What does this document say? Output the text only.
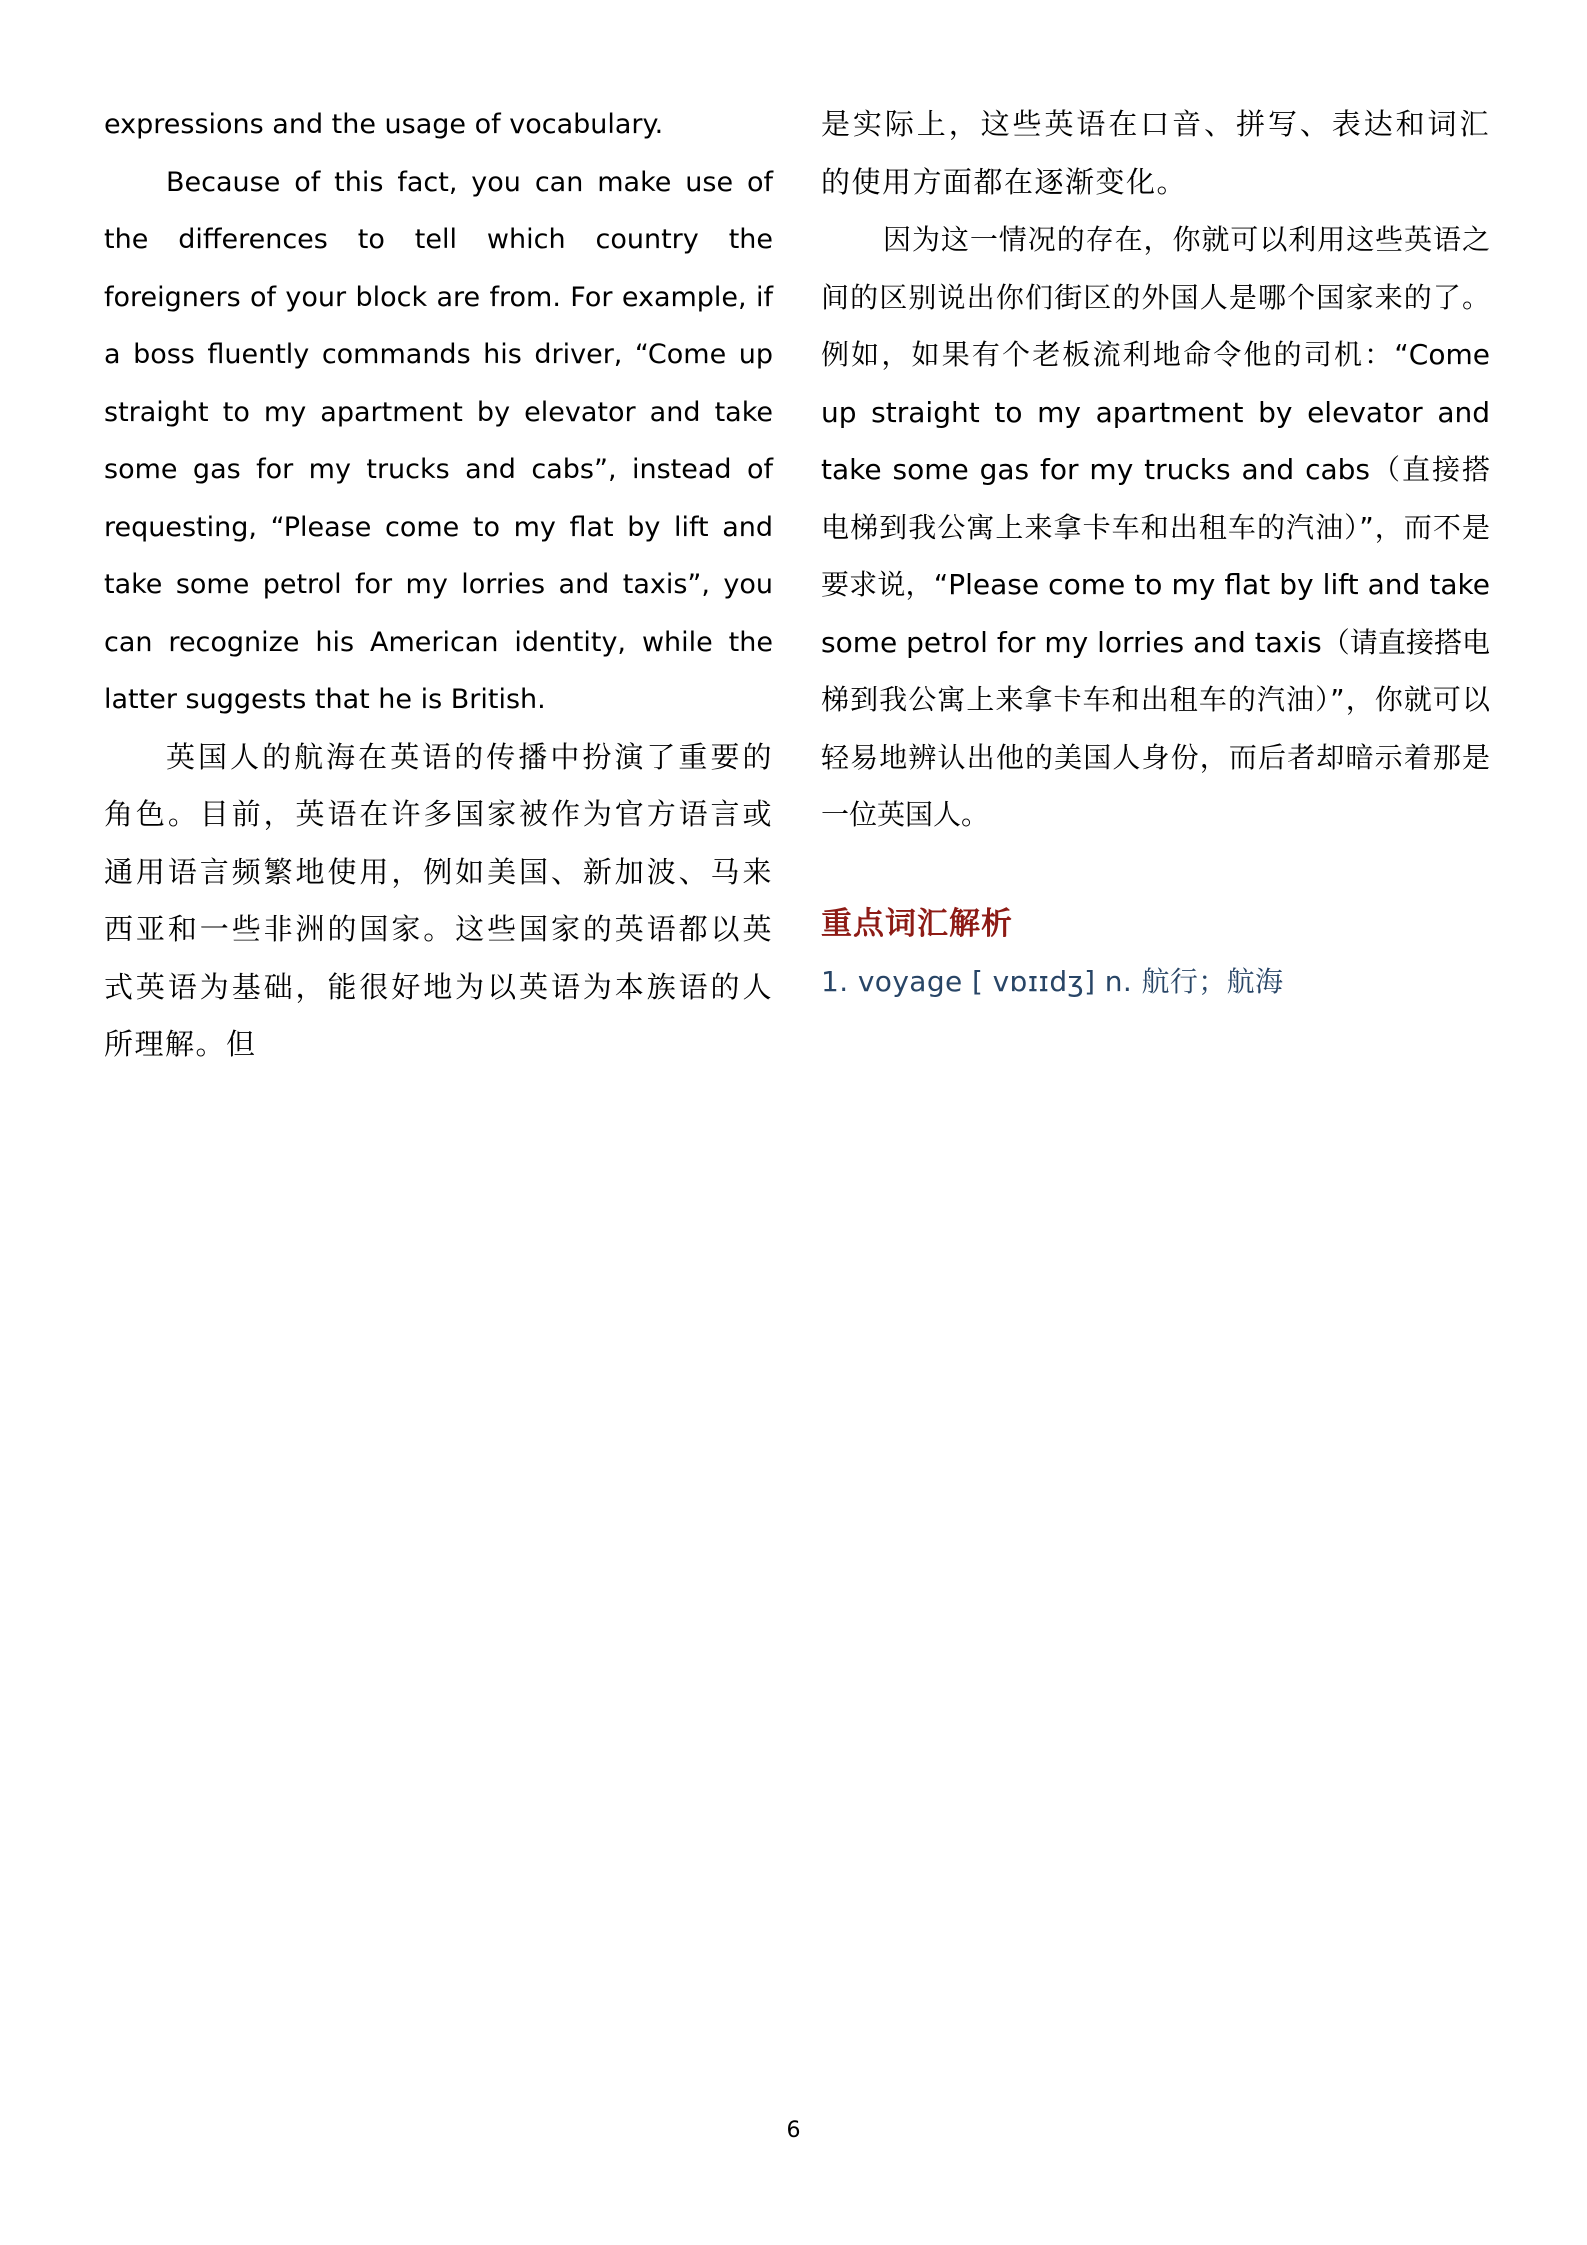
expressions and the usage of vocabulary.

Because of this fact, you can make use of the differences to tell which country the foreigners of your block are from. For example, if a boss fluently commands his driver, “Come up straight to my apartment by elevator and take some gas for my trucks and cabs”, instead of requesting, “Please come to my flat by lift and take some petrol for my lorries and taxis”, you can recognize his American identity, while the latter suggests that he is British.

英国人的航海在英语的传播中扮演了重要的角色。目前，英语在许多国家被作为官方语言或通用语言频繁地使用，例如美国、新加波、马来西亚和一些非洲的国家。这些国家的英语都以英式英语为基础，能很好地为以英语为本族语的人所理解。但

是实际上，这些英语在口音、拼写、表达和词汇的使用方面都在逐渐变化。

因为这一情况的存在，你就可以利用这些英语之间的区别说出你们街区的外国人是哪个国家来的了。例如，如果有个老板流利地命令他的司机：“Come up straight to my apartment by elevator and take some gas for my trucks and cabs（直接搭电梯到我公寓上来拿卡车和出租车的汽油）”，而不是要求说，“Please come to my flat by lift and take some petrol for my lorries and taxis（请直接搭电梯到我公寓上来拿卡车和出租车的汽油）”，你就可以轻易地辨认出他的美国人身份，而后者却暗示着那是一位英国人。

重点词汇解析

1. voyage [ vɒɪɪdʒ] n. 航行；航海

6
